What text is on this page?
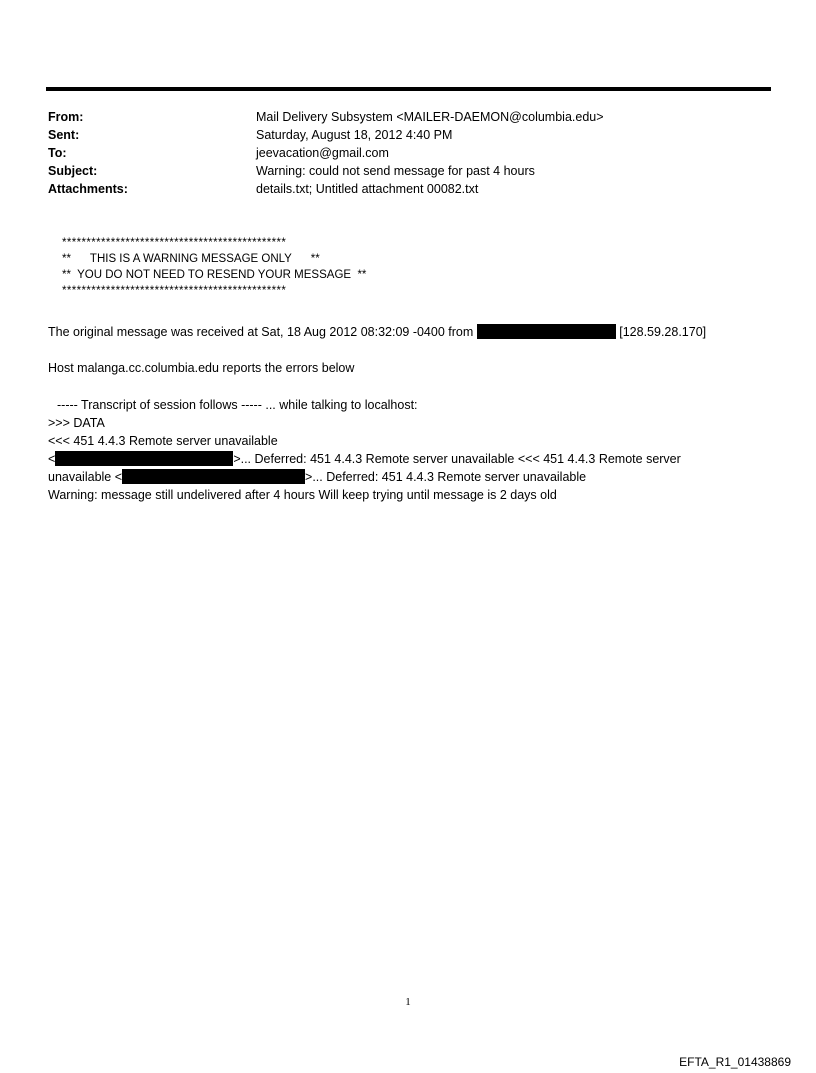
From:	Mail Delivery Subsystem <MAILER-DAEMON@columbia.edu>
Sent:	Saturday, August 18, 2012 4:40 PM
To:	jeevacation@gmail.com
Subject:	Warning: could not send message for past 4 hours
Attachments:	details.txt; Untitled attachment 00082.txt
**********************************************
**      THIS IS A WARNING MESSAGE ONLY      **
**  YOU DO NOT NEED TO RESEND YOUR MESSAGE  **
**********************************************
The original message was received at Sat, 18 Aug 2012 08:32:09 -0400 from	[128.59.28.170]
Host malanga.cc.columbia.edu reports the errors below
----- Transcript of session follows ----- ... while talking to localhost:
>>> DATA
<<< 451 4.4.3 Remote server unavailable
<	>... Deferred: 451 4.4.3 Remote server unavailable <<< 451 4.4.3 Remote server
unavailable <	>... Deferred: 451 4.4.3 Remote server unavailable
Warning: message still undelivered after 4 hours Will keep trying until message is 2 days old
1
EFTA_R1_01438869
